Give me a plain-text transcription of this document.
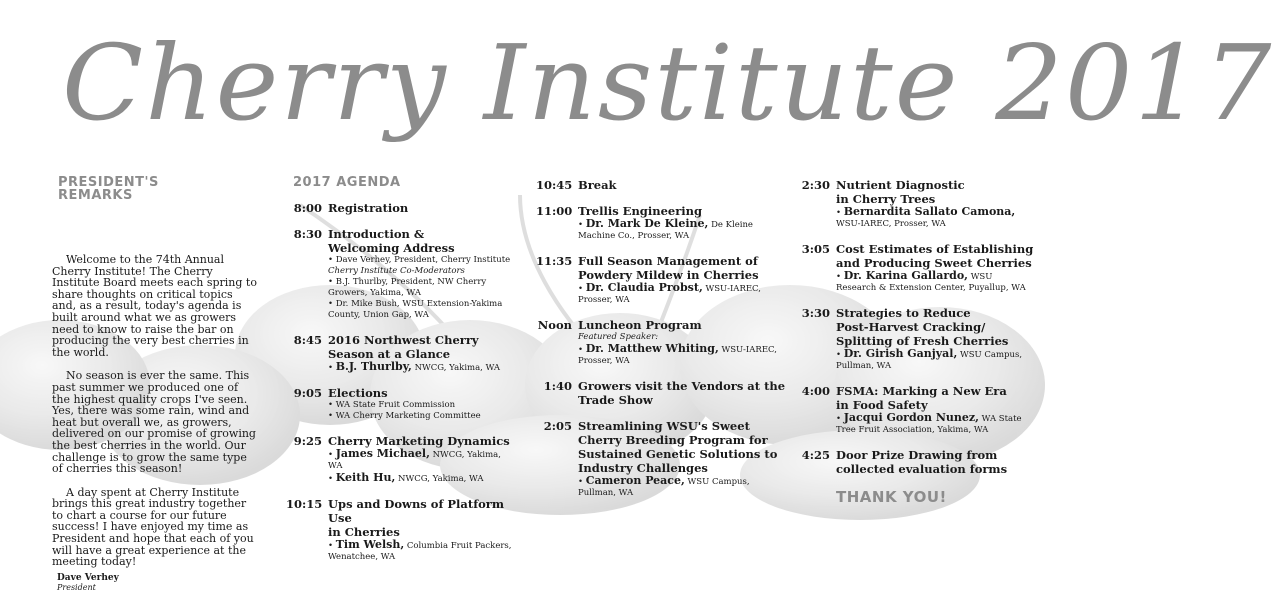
Cherry Institute 2017
PRESIDENT'S REMARKS

Welcome to the 74th Annual Cherry Institute! The Cherry Institute Board meets each spring to share thoughts on critical topics and, as a result, today's agenda is built around what we as growers need to know to raise the bar on producing the very best cherries in the world.

No season is ever the same. This past summer we produced one of the highest quality crops I've seen. Yes, there was some rain, wind and heat but overall we, as growers, delivered on our promise of growing the best cherries in the world. Our challenge is to grow the same type of cherries this season!

A day spent at Cherry Institute brings this great industry together to chart a course for our future success! I have enjoyed my time as President and hope that each of you will have a great experience at the meeting today!

Dave Verhey
President
2017 AGENDA
8:00 Registration
8:30 Introduction &
Welcoming Address
• Dave Verhey, President, Cherry Institute
Cherry Institute Co-Moderators
• B.J. Thurlby, President, NW Cherry Growers, Yakima, WA
• Dr. Mike Bush, WSU Extension-Yakima County, Union Gap, WA
8:45 2016 Northwest Cherry
Season at a Glance
• B.J. Thurlby, NWCG, Yakima, WA
9:05 Elections
• WA State Fruit Commission
• WA Cherry Marketing Committee
9:25 Cherry Marketing Dynamics
• James Michael, NWCG, Yakima, WA
• Keith Hu, NWCG, Yakima, WA
10:15 Ups and Downs of Platform Use
in Cherries
• Tim Welsh, Columbia Fruit Packers, Wenatchee, WA
10:45 Break
11:00 Trellis Engineering
• Dr. Mark De Kleine, De Kleine Machine Co., Prosser, WA
11:35 Full Season Management of
Powdery Mildew in Cherries
• Dr. Claudia Probst, WSU-IAREC, Prosser, WA
Noon Luncheon Program
Featured Speaker:
• Dr. Matthew Whiting, WSU-IAREC, Prosser, WA
1:40 Growers visit the Vendors at the
Trade Show
2:05 Streamlining WSU's Sweet
Cherry Breeding Program for
Sustained Genetic Solutions to
Industry Challenges
• Cameron Peace, WSU Campus, Pullman, WA
2:30 Nutrient Diagnostic
in Cherry Trees
• Bernardita Sallato Camona, WSU-IAREC, Prosser, WA
3:05 Cost Estimates of Establishing
and Producing Sweet Cherries
• Dr. Karina Gallardo, WSU Research & Extension Center, Puyallup, WA
3:30 Strategies to Reduce
Post-Harvest Cracking/
Splitting of Fresh Cherries
• Dr. Girish Ganjyal, WSU Campus, Pullman, WA
4:00 FSMA: Marking a New Era
in Food Safety
• Jacqui Gordon Nunez, WA State Tree Fruit Association, Yakima, WA
4:25 Door Prize Drawing from
collected evaluation forms
THANK YOU!
